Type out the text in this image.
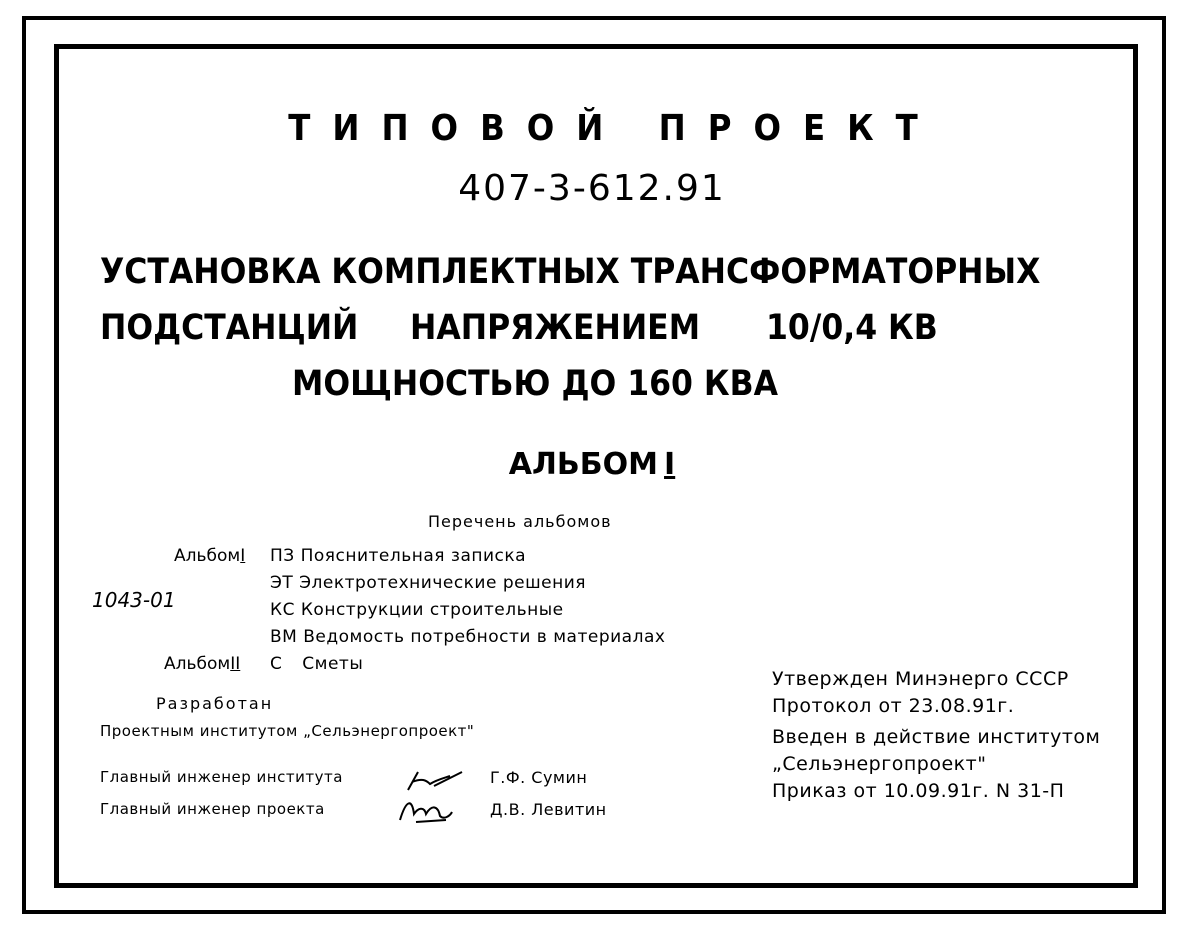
ТИПОВОЙ ПРОЕКТ
407-3-612.91
УСТАНОВКА КОМПЛЕКТНЫХ ТРАНСФОРМАТОРНЫХ
ПОДСТАНЦИЙ НАПРЯЖЕНИЕМ 10/0,4 КВ
МОЩНОСТЬЮ ДО 160 КВА
АЛЬБОМ I
Перечень альбомов
АльбомI
АльбомII
1043-01
ПЗ Пояснительная записка
ЭТ Электротехнические решения
КС Конструкции строительные
ВМ Ведомость потребности в материалах
С Сметы
Разработан
Проектным институтом „Сельэнергопроект"
Главный инженер института	Г.Ф. Сумин
Главный инженер проекта	Д.В. Левитин
Утвержден Минэнерго СССР
Протокол от 23.08.91г.
Введен в действие институтом
„Сельэнергопроект"
Приказ от 10.09.91г. N 31-П
